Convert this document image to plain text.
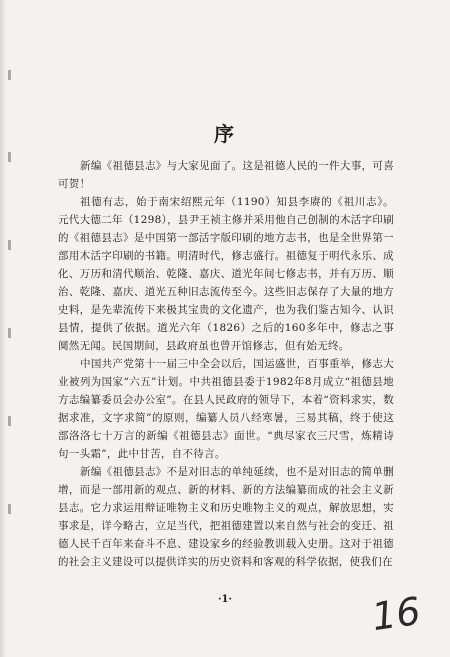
序

新编《祖德县志》与大家见面了。这是祖德人民的一件大事，可喜可贺！

祖德有志，始于南宋绍熙元年（1190）知县李赓的《祖川志》。元代大德二年（1298），县尹王祯主修并采用他自己创制的木活字印刷的《祖德县志》是中国第一部活字版印刷的地方志书，也是全世界第一部用木活字印刷的书籍。明清时代，修志盛行。祖德复于明代永乐、成化、万历和清代顺治、乾隆、嘉庆、道光年间七修志书，并有万历、顺治、乾隆、嘉庆、道光五种旧志流传至今。这些旧志保存了大量的地方史料，是先辈流传下来极其宝贵的文化遗产，也为我们鉴古知今、认识县情，提供了依据。道光六年（1826）之后的160多年中，修志之事阒然无闻。民国期间，县政府虽也曾开馆修志，但有始无终。

中国共产党第十一届三中全会以后，国运盛世，百事重举，修志大业被列为国家“六五”计划。中共祖德县委于1982年8月成立“祖德县地方志编纂委员会办公室”。在县人民政府的领导下，本着“资料求实，数据求准，文字求简”的原则，编纂人员八经寒暑，三易其稿，终于使这部洛洛七十万言的新编《祖德县志》面世。“典尽家衣三尺雪，炼精诗句一头霜”，此中甘苦，自不待言。

新编《祖德县志》不是对旧志的单纯延续，也不是对旧志的简单删增，而是一部用新的观点、新的材料、新的方法编纂而成的社会主义新县志。它力求运用辩证唯物主义和历史唯物主义的观点，解放思想，实事求是，详今略古，立足当代，把祖德建置以来自然与社会的变迁、祖德人民千百年来奋斗不息、建设家乡的经验教训载入史册。这对于祖德的社会主义建设可以提供详实的历史资料和客观的科学依据，使我们在

·1·	16
